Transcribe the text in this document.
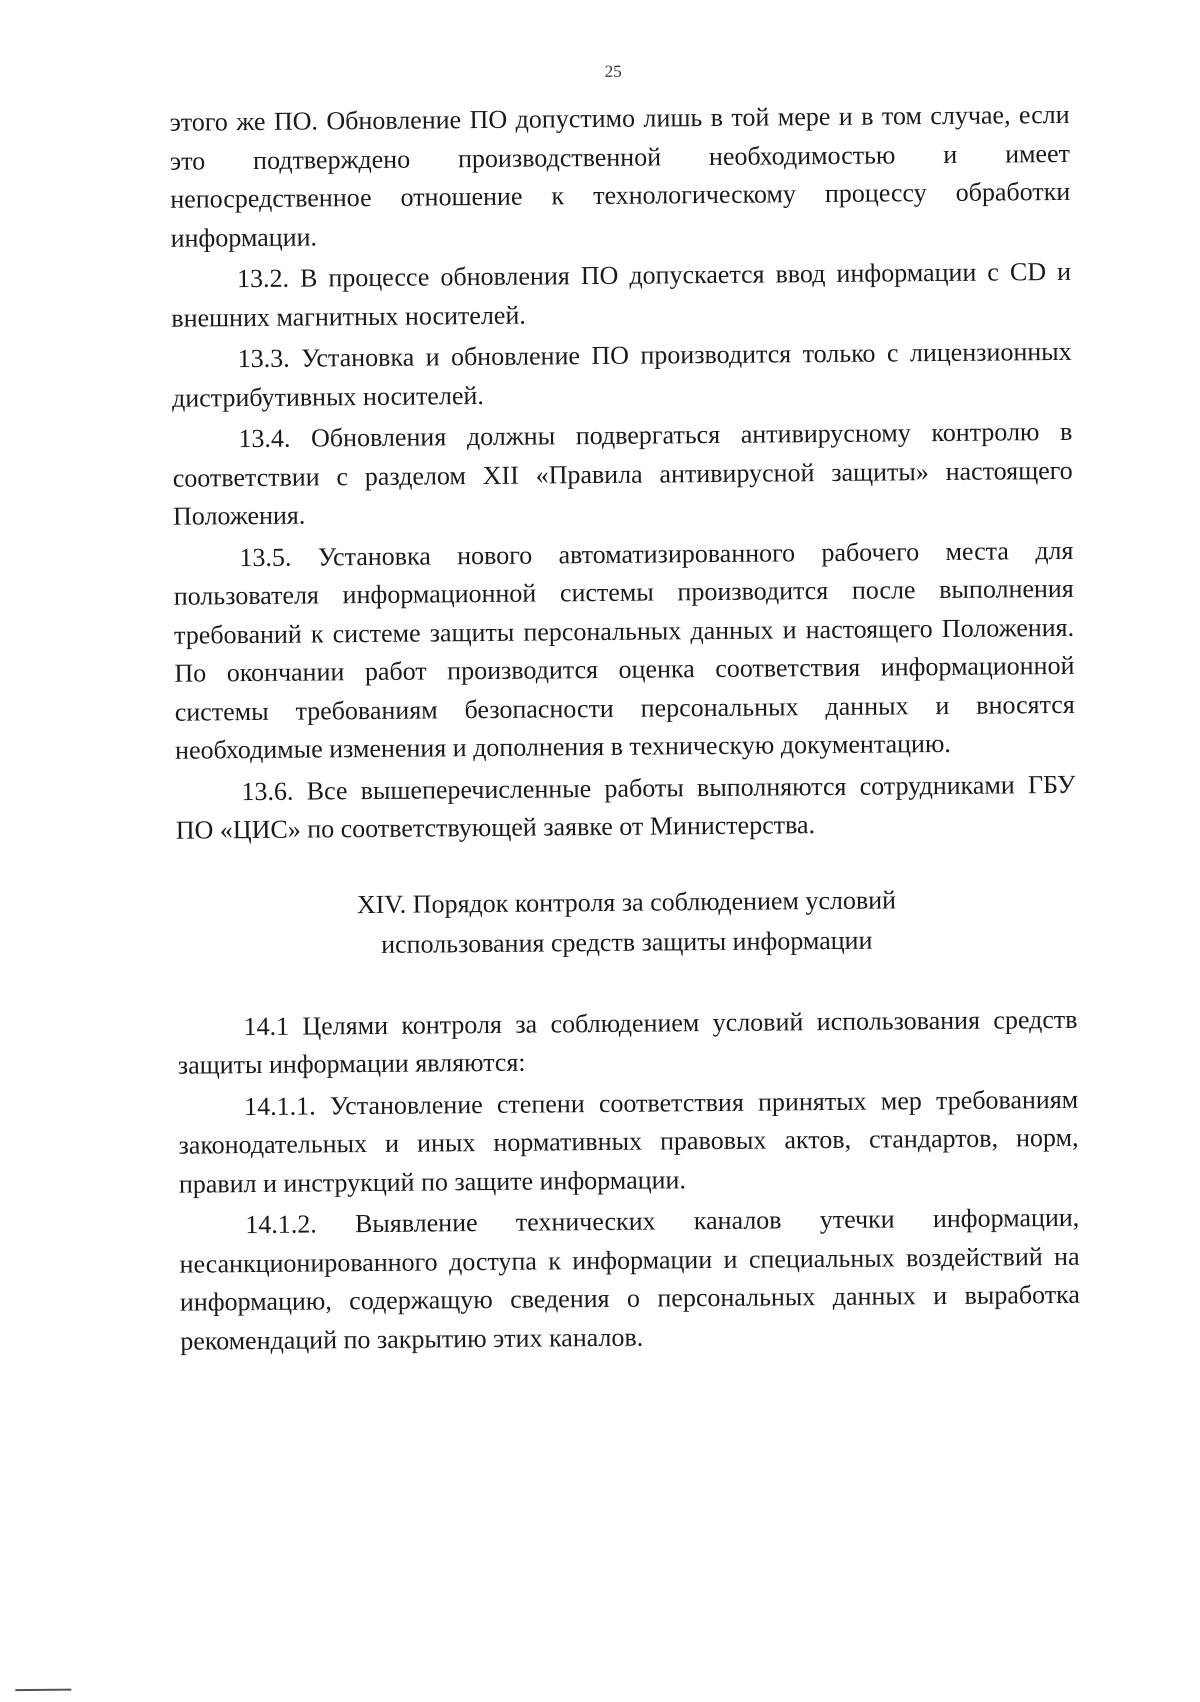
25

этого же ПО. Обновление ПО допустимо лишь в той мере и в том случае, если это подтверждено производственной необходимостью и имеет непосредственное отношение к технологическому процессу обработки информации.

13.2. В процессе обновления ПО допускается ввод информации с CD и внешних магнитных носителей.

13.3. Установка и обновление ПО производится только с лицензионных дистрибутивных носителей.

13.4. Обновления должны подвергаться антивирусному контролю в соответствии с разделом XII «Правила антивирусной защиты» настоящего Положения.

13.5. Установка нового автоматизированного рабочего места для пользователя информационной системы производится после выполнения требований к системе защиты персональных данных и настоящего Положения. По окончании работ производится оценка соответствия информационной системы требованиям безопасности персональных данных и вносятся необходимые изменения и дополнения в техническую документацию.

13.6. Все вышеперечисленные работы выполняются сотрудниками ГБУ ПО «ЦИС» по соответствующей заявке от Министерства.

XIV. Порядок контроля за соблюдением условий
использования средств защиты информации

14.1 Целями контроля за соблюдением условий использования средств защиты информации являются:

14.1.1. Установление степени соответствия принятых мер требованиям законодательных и иных нормативных правовых актов, стандартов, норм, правил и инструкций по защите информации.

14.1.2. Выявление технических каналов утечки информации, несанкционированного доступа к информации и специальных воздействий на информацию, содержащую сведения о персональных данных и выработка рекомендаций по закрытию этих каналов.
